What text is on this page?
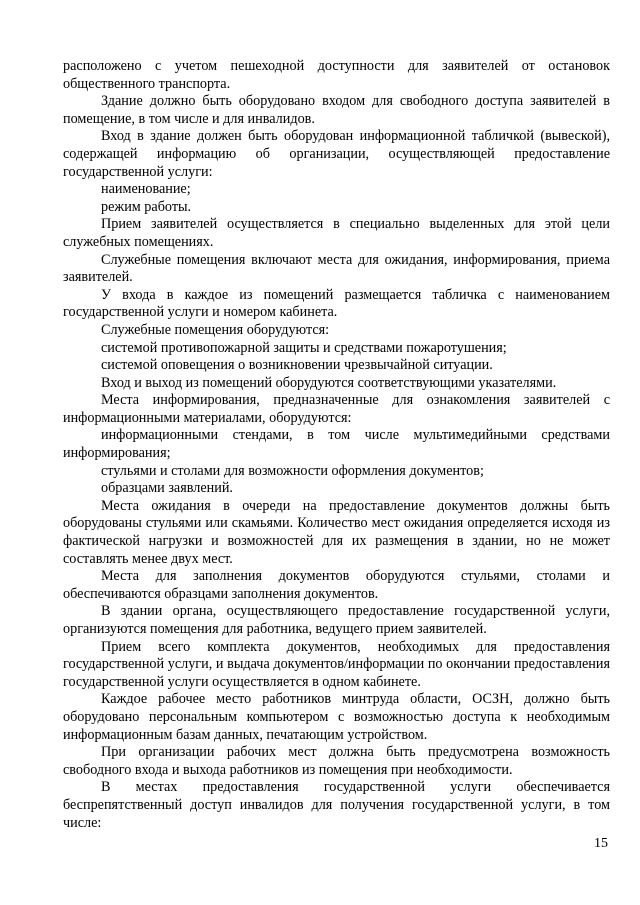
расположено с учетом пешеходной доступности для заявителей от остановок общественного транспорта.

Здание должно быть оборудовано входом для свободного доступа заявителей в помещение, в том числе и для инвалидов.

Вход в здание должен быть оборудован информационной табличкой (вывеской), содержащей информацию об организации, осуществляющей предоставление государственной услуги:

наименование;

режим работы.

Прием заявителей осуществляется в специально выделенных для этой цели служебных помещениях.

Служебные помещения включают места для ожидания, информирования, приема заявителей.

У входа в каждое из помещений размещается табличка с наименованием государственной услуги и номером кабинета.

Служебные помещения оборудуются:

системой противопожарной защиты и средствами пожаротушения;

системой оповещения о возникновении чрезвычайной ситуации.

Вход и выход из помещений оборудуются соответствующими указателями.

Места информирования, предназначенные для ознакомления заявителей с информационными материалами, оборудуются:

информационными стендами, в том числе мультимедийными средствами информирования;

стульями и столами для возможности оформления документов;

образцами заявлений.

Места ожидания в очереди на предоставление документов должны быть оборудованы стульями или скамьями. Количество мест ожидания определяется исходя из фактической нагрузки и возможностей для их размещения в здании, но не может составлять менее двух мест.

Места для заполнения документов оборудуются стульями, столами и обеспечиваются образцами заполнения документов.

В здании органа, осуществляющего предоставление государственной услуги, организуются помещения для работника, ведущего прием заявителей.

Прием всего комплекта документов, необходимых для предоставления государственной услуги, и выдача документов/информации по окончании предоставления государственной услуги осуществляется в одном кабинете.

Каждое рабочее место работников минтруда области, ОСЗН, должно быть оборудовано персональным компьютером с возможностью доступа к необходимым информационным базам данных, печатающим устройством.

При организации рабочих мест должна быть предусмотрена возможность свободного входа и выхода работников из помещения при необходимости.

В местах предоставления государственной услуги обеспечивается беспрепятственный доступ инвалидов для получения государственной услуги, в том числе:

15
